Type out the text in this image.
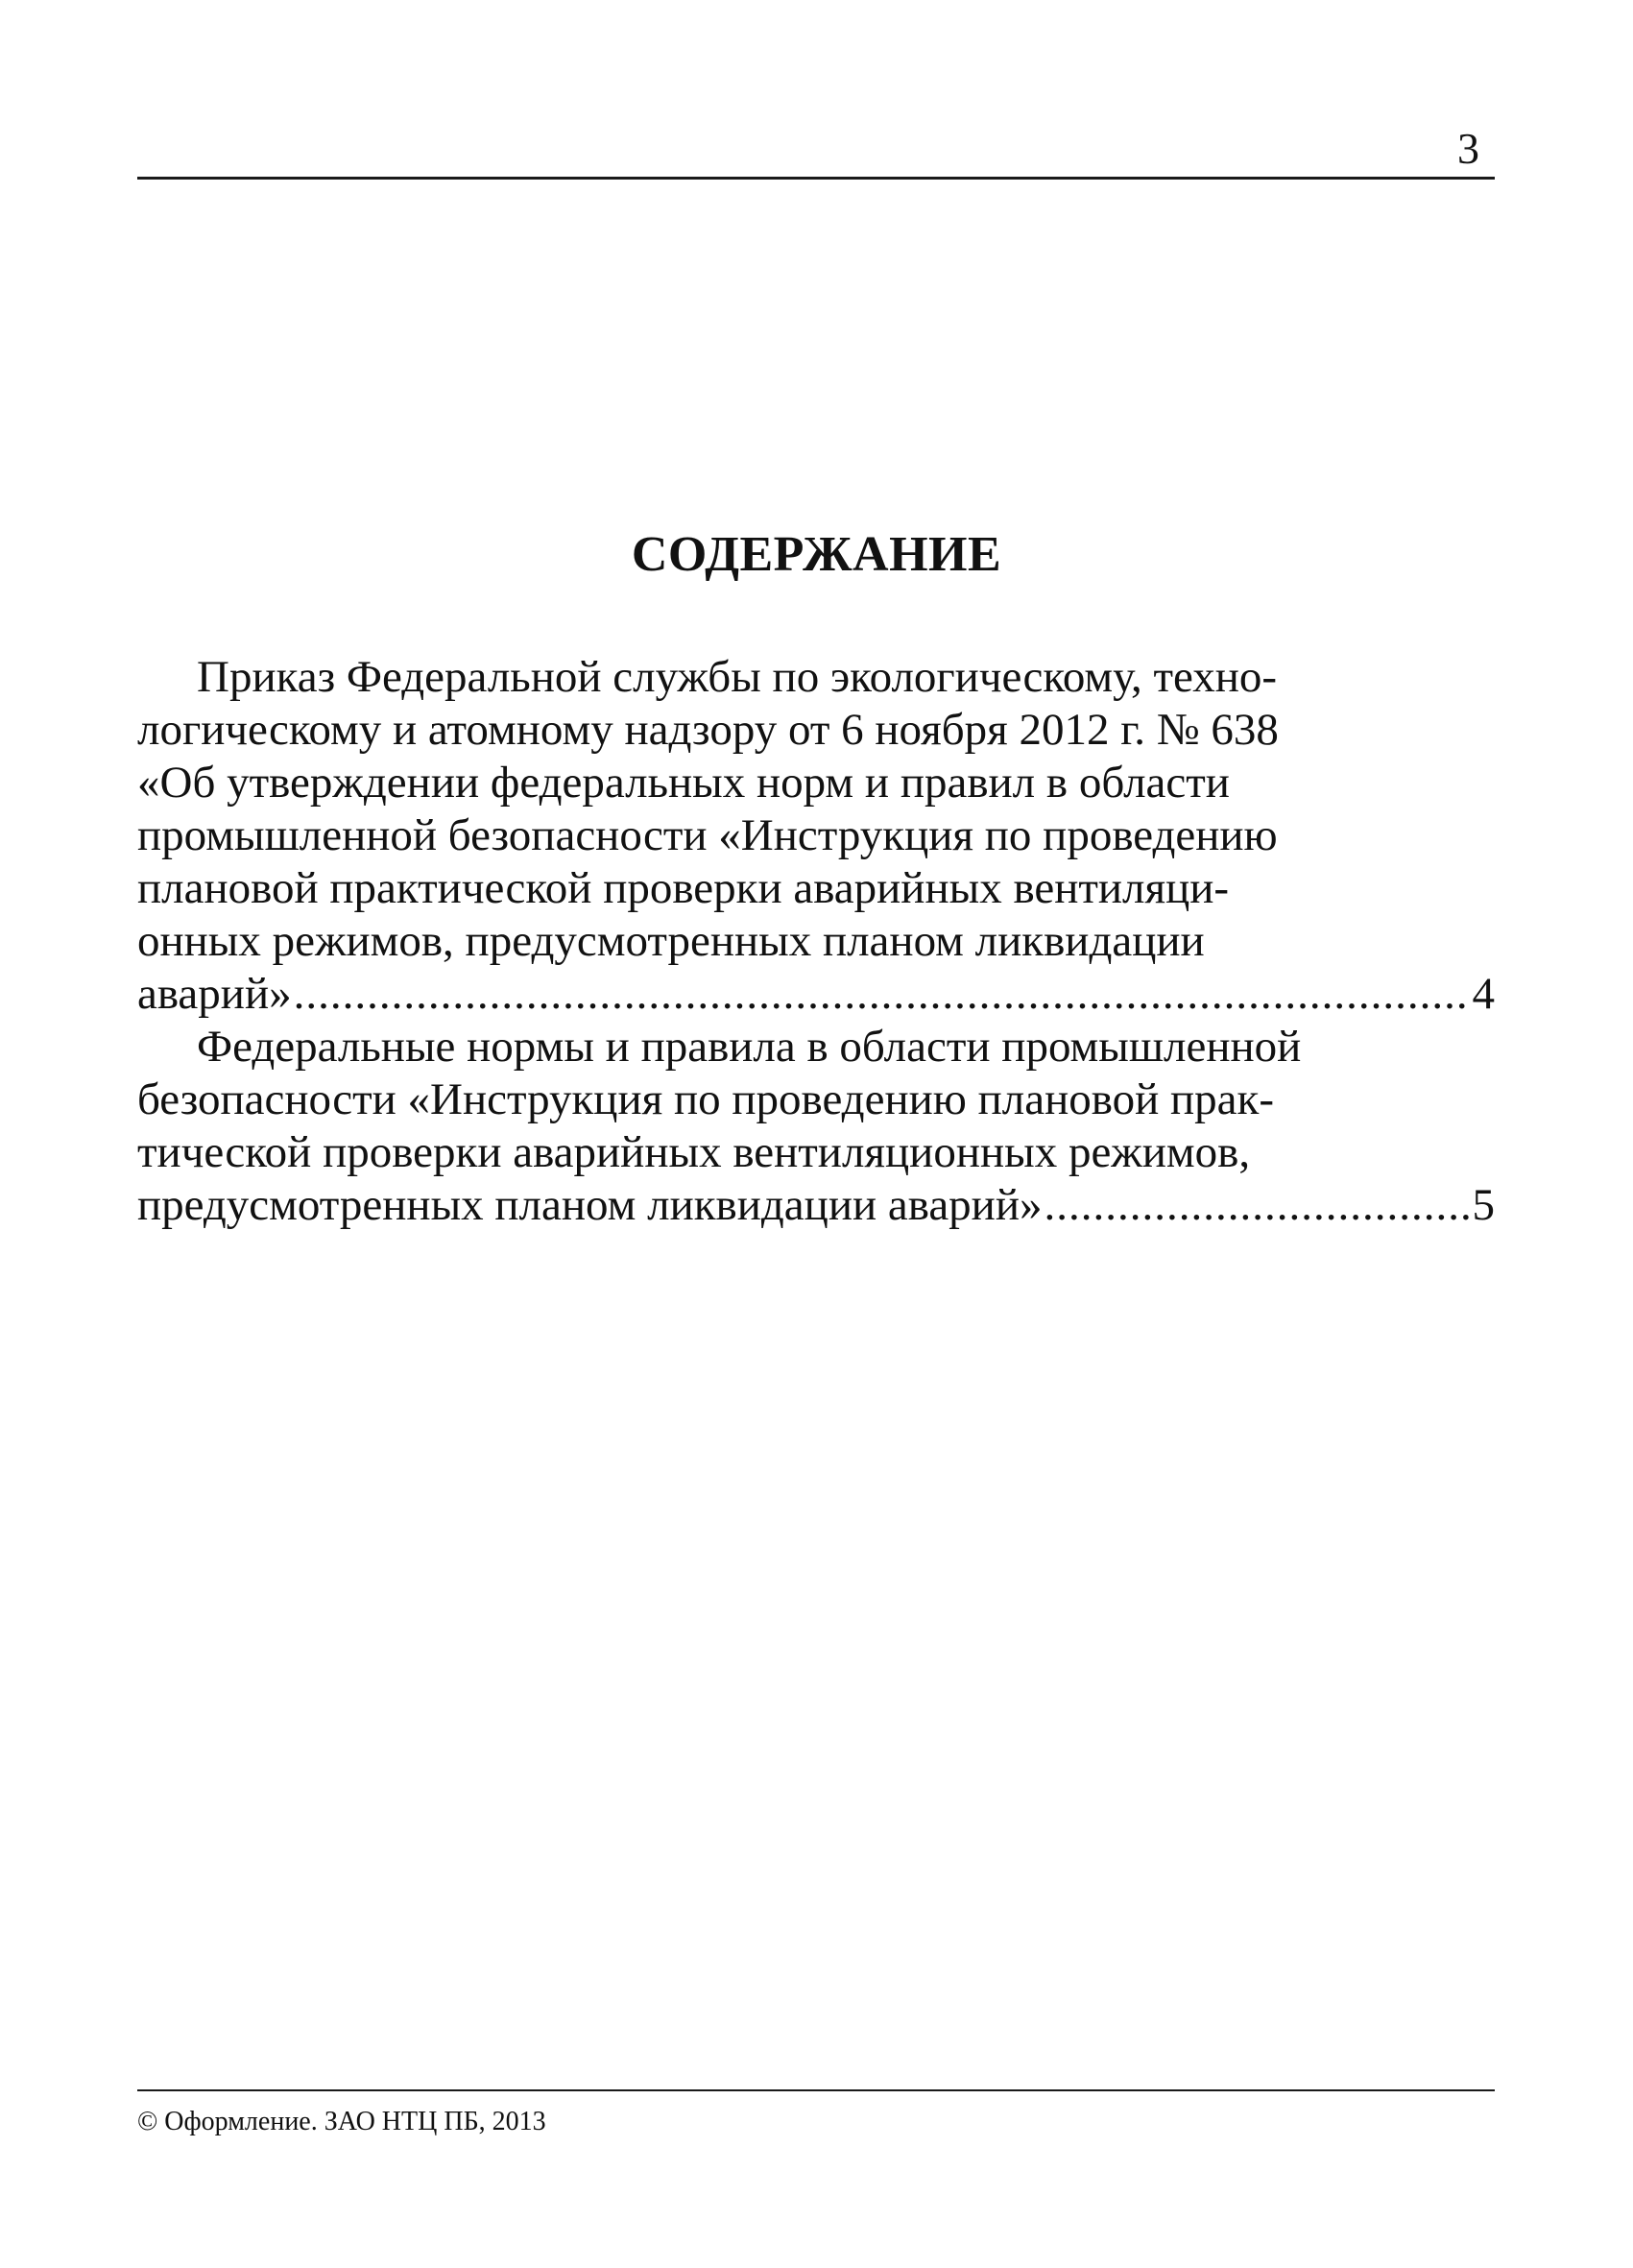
3
СОДЕРЖАНИЕ
Приказ Федеральной службы по экологическому, техно-
логическому и атомному надзору от 6 ноября 2012 г. № 638
«Об утверждении федеральных норм и правил в области
промышленной безопасности «Инструкция по проведению
плановой практической проверки аварийных вентиляци-
онных режимов, предусмотренных планом ликвидации
аварий» .....	4
Федеральные нормы и правила в области промышленной
безопасности «Инструкция по проведению плановой прак-
тической проверки аварийных вентиляционных режимов,
предусмотренных планом ликвидации аварий» .....	5
© Оформление. ЗАО НТЦ ПБ, 2013
